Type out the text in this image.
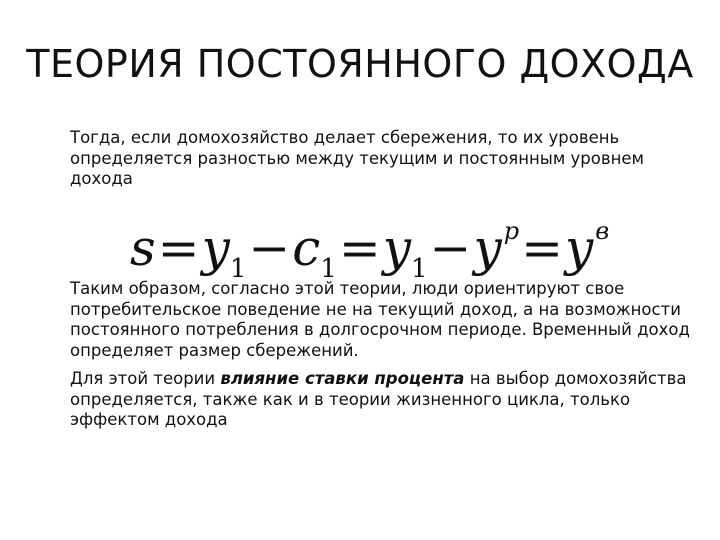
ТЕОРИЯ ПОСТОЯННОГО ДОХОДА
Тогда, если домохозяйство делает сбережения, то их уровень определяется разностью между текущим и постоянным уровнем дохода
$s=y_1-c_1=y_1-y^p=y^в$
Таким образом, согласно этой теории, люди ориентируют свое потребительское поведение не на текущий доход, а на возможности постоянного потребления в долгосрочном периоде. Временный доход определяет размер сбережений.
Для этой теории влияние ставки процента на выбор домохозяйства определяется, также как и в теории жизненного цикла, только эффектом дохода
